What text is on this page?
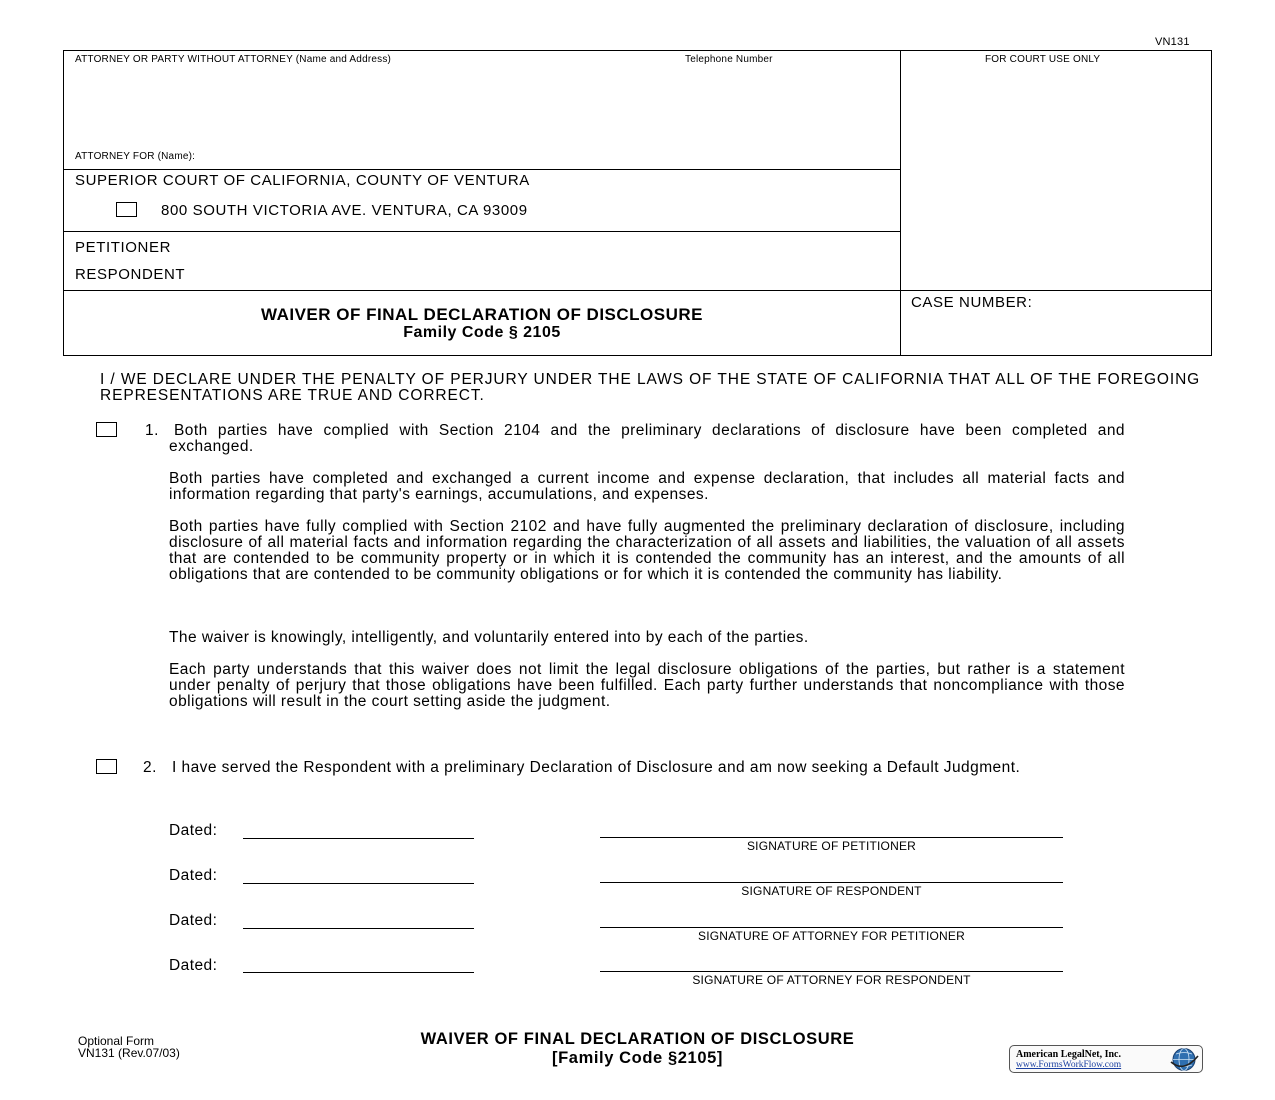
VN131
ATTORNEY OR PARTY WITHOUT ATTORNEY (Name and Address)	Telephone Number	FOR COURT USE ONLY
ATTORNEY FOR (Name):
SUPERIOR COURT OF CALIFORNIA, COUNTY OF VENTURA
800 SOUTH VICTORIA AVE. VENTURA, CA 93009
PETITIONER
RESPONDENT
WAIVER OF FINAL DECLARATION OF DISCLOSURE
Family Code § 2105
CASE NUMBER:
I / WE DECLARE UNDER THE PENALTY OF PERJURY UNDER THE LAWS OF THE STATE OF CALIFORNIA THAT ALL OF THE FOREGOING REPRESENTATIONS ARE TRUE AND CORRECT.
1. Both parties have complied with Section 2104 and the preliminary declarations of disclosure have been completed and exchanged.
Both parties have completed and exchanged a current income and expense declaration, that includes all material facts and information regarding that party's earnings, accumulations, and expenses.
Both parties have fully complied with Section 2102 and have fully augmented the preliminary declaration of disclosure, including disclosure of all material facts and information regarding the characterization of all assets and liabilities, the valuation of all assets that are contended to be community property or in which it is contended the community has an interest, and the amounts of all obligations that are contended to be community obligations or for which it is contended the community has liability.
The waiver is knowingly, intelligently, and voluntarily entered into by each of the parties.
Each party understands that this waiver does not limit the legal disclosure obligations of the parties, but rather is a statement under penalty of perjury that those obligations have been fulfilled. Each party further understands that noncompliance with those obligations will result in the court setting aside the judgment.
2. I have served the Respondent with a preliminary Declaration of Disclosure and am now seeking a Default Judgment.
Dated:
SIGNATURE OF PETITIONER
Dated:
SIGNATURE OF RESPONDENT
Dated:
SIGNATURE OF ATTORNEY FOR PETITIONER
Dated:
SIGNATURE OF ATTORNEY FOR RESPONDENT
Optional Form
VN131 (Rev.07/03)
WAIVER OF FINAL DECLARATION OF DISCLOSURE
[Family Code §2105]	American LegalNet, Inc.
www.FormsWorkFlow.com
